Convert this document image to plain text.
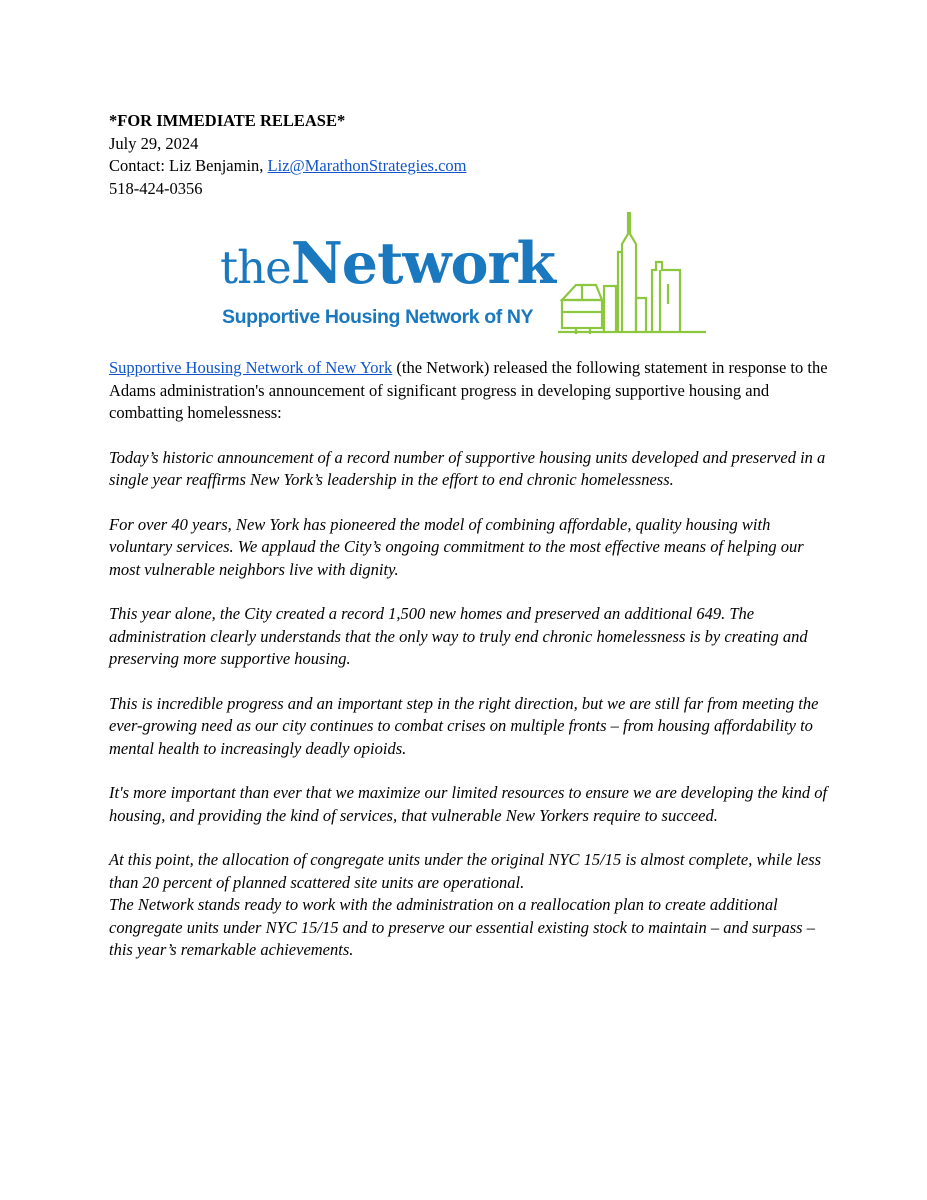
*FOR IMMEDIATE RELEASE*
July 29, 2024
Contact: Liz Benjamin, Liz@MarathonStrategies.com
518-424-0356
theNetwork
Supportive Housing Network of NY

Supportive Housing Network of New York (the Network) released the following statement in response to the Adams administration's announcement of significant progress in developing supportive housing and combatting homelessness:

Today’s historic announcement of a record number of supportive housing units developed and preserved in a single year reaffirms New York’s leadership in the effort to end chronic homelessness.

For over 40 years, New York has pioneered the model of combining affordable, quality housing with voluntary services. We applaud the City’s ongoing commitment to the most effective means of helping our most vulnerable neighbors live with dignity.

This year alone, the City created a record 1,500 new homes and preserved an additional 649. The administration clearly understands that the only way to truly end chronic homelessness is by creating and preserving more supportive housing.

This is incredible progress and an important step in the right direction, but we are still far from meeting the ever-growing need as our city continues to combat crises on multiple fronts – from housing affordability to mental health to increasingly deadly opioids.

It's more important than ever that we maximize our limited resources to ensure we are developing the kind of housing, and providing the kind of services, that vulnerable New Yorkers require to succeed.

At this point, the allocation of congregate units under the original NYC 15/15 is almost complete, while less than 20 percent of planned scattered site units are operational.

The Network stands ready to work with the administration on a reallocation plan to create additional congregate units under NYC 15/15 and to preserve our essential existing stock to maintain – and surpass – this year’s remarkable achievements.
